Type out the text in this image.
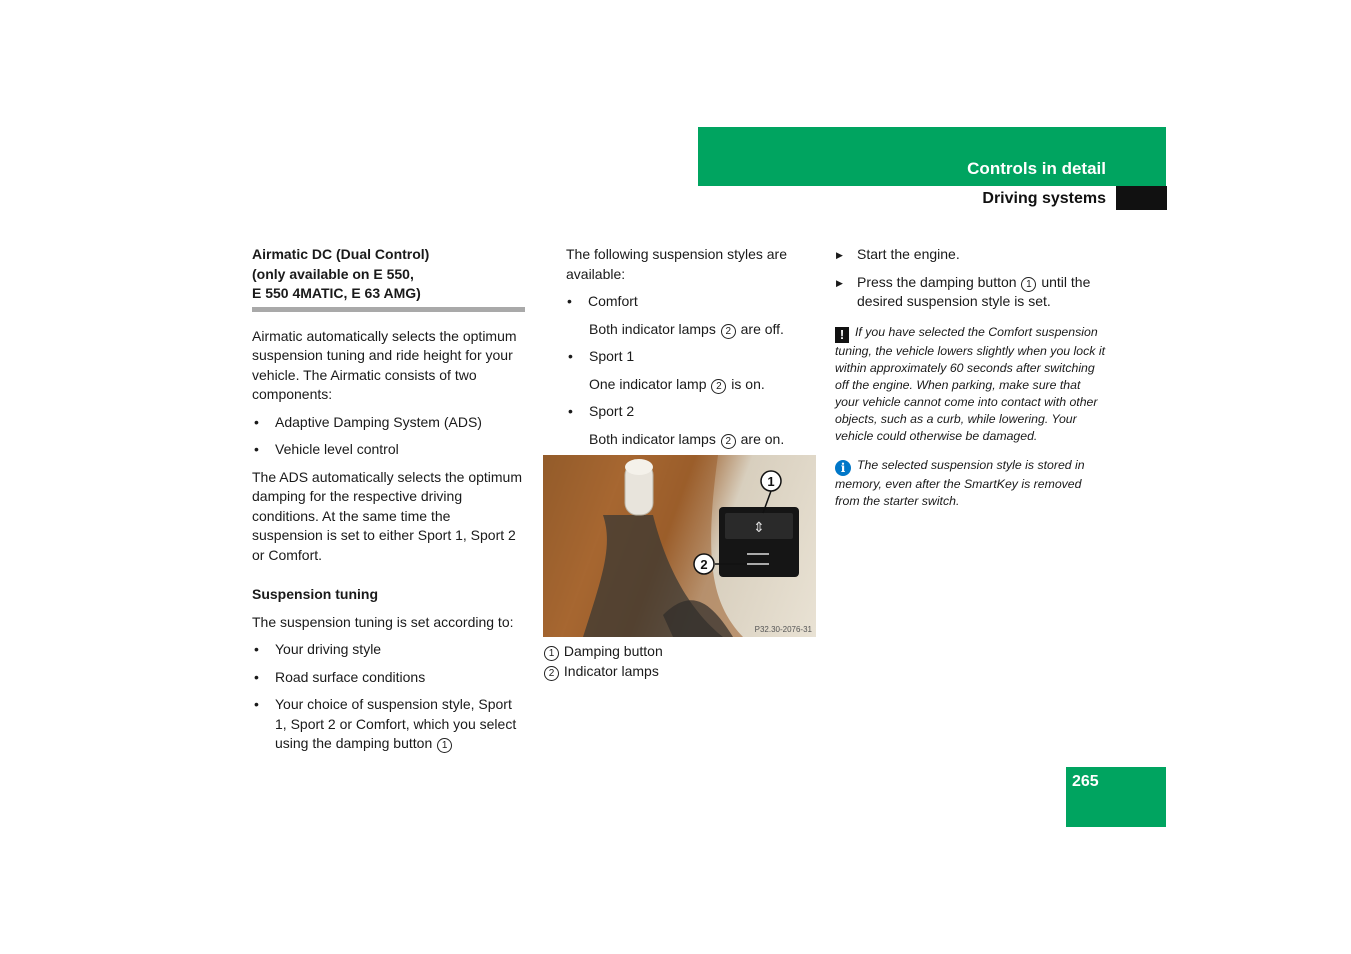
Controls in detail
Driving systems

Airmatic DC (Dual Control)

(only available on E 550,

E 550 4MATIC, E 63 AMG)

Airmatic automatically selects the optimum suspension tuning and ride height for your vehicle. The Airmatic consists of two components:

• Adaptive Damping System (ADS)

• Vehicle level control

The ADS automatically selects the optimum damping for the respective driving conditions. At the same time the suspension is set to either Sport 1, Sport 2 or Comfort.

Suspension tuning

The suspension tuning is set according to:

• Your driving style

• Road surface conditions

• Your choice of suspension style, Sport 1, Sport 2 or Comfort, which you select using the damping button 1

The following suspension styles are available:

• Comfort

Both indicator lamps 2 are off.

• Sport 1

One indicator lamp 2 is on.

• Sport 2

Both indicator lamps 2 are on.

⇕
1
2
P32.30-2076-31
1 Damping button
2 Indicator lamps

▶ Start the engine.

▶ Press the damping button 1 until the desired suspension style is set.

! If you have selected the Comfort suspension tuning, the vehicle lowers slightly when you lock it within approximately 60 seconds after switching off the engine. When parking, make sure that your vehicle cannot come into contact with other objects, such as a curb, while lowering. Your vehicle could otherwise be damaged.

i The selected suspension style is stored in memory, even after the SmartKey is removed from the starter switch.

265
